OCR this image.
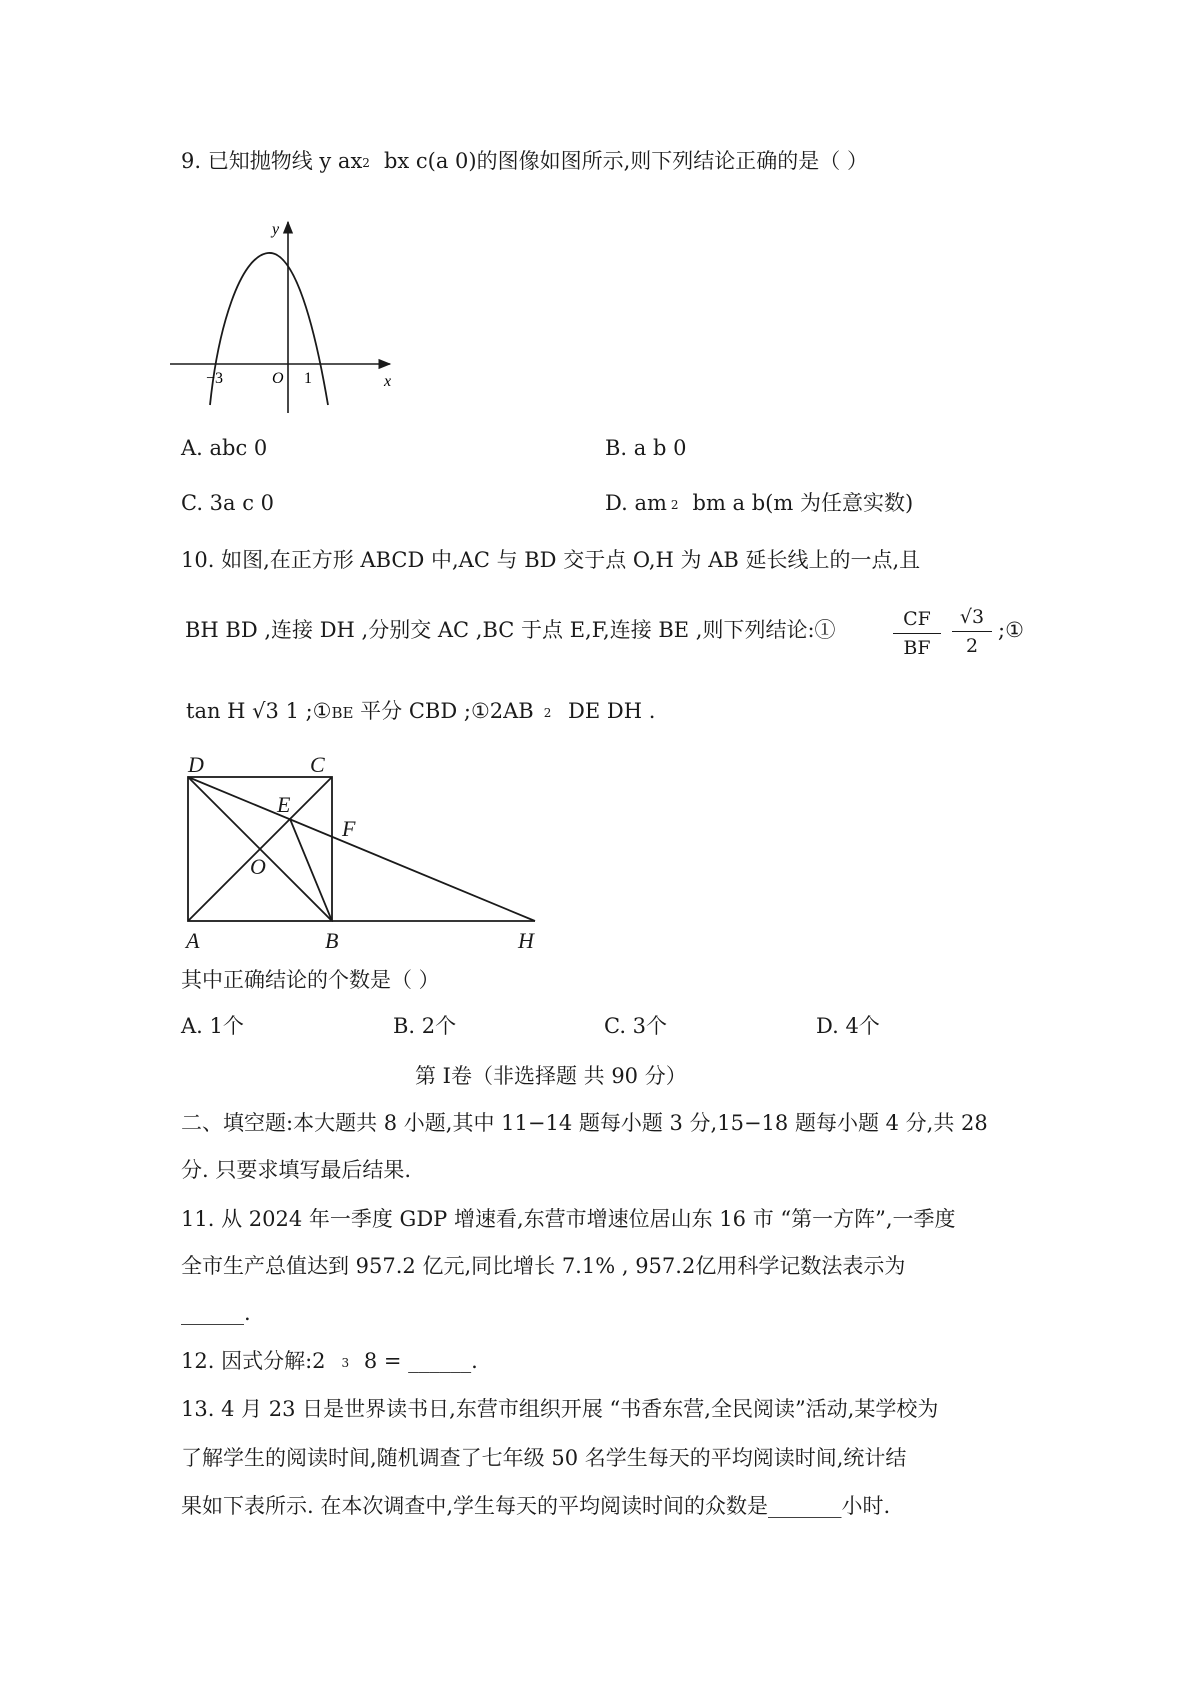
9. 已知抛物线 y ax2 bx c(a 0)的图像如图所示,则下列结论正确的是（ ）
y
x
O
−3	1
A. abc 0	B. a b 0
C. 3a c 0	D. am 2 bm a b(m 为任意实数)
10. 如图,在正方形 ABCD 中,AC 与 BD 交于点 O,H 为 AB 延长线上的一点,且
BH BD ,连接 DH ,分别交 AC ,BC 于点 E,F,连接 BE ,则下列结论:①	$\frac{CF}{BF} \frac{√3}{2}$ ;①
tan H √3 1 ;①BE 平分 CBD ;①2AB 2 DE DH .
D	C
E
F
O
A	B	H
其中正确结论的个数是（ ）
A. 1个	B. 2个	C. 3个	D. 4个
第 Ⅰ卷（非选择题 共 90 分）
二、填空题:本大题共 8 小题,其中 11−14 题每小题 3 分,15−18 题每小题 4 分,共 28
分. 只要求填写最后结果.
11. 从 2024 年一季度 GDP 增速看,东营市增速位居山东 16 市 “第一方阵”,一季度
全市生产总值达到 957.2 亿元,同比增长 7.1% , 957.2亿用科学记数法表示为
______.
12. 因式分解:2 3 8 = ______.
13. 4 月 23 日是世界读书日,东营市组织开展 “书香东营,全民阅读”活动,某学校为
了解学生的阅读时间,随机调查了七年级 50 名学生每天的平均阅读时间,统计结
果如下表所示. 在本次调查中,学生每天的平均阅读时间的众数是_______小时.
